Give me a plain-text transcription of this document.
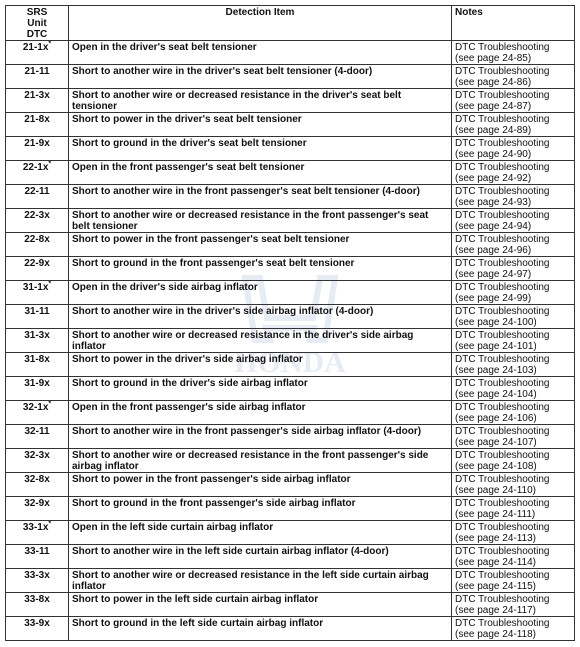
HONDA
SRS
Unit
DTC	Detection Item	Notes
21-1x*	Open in the driver's seat belt tensioner	DTC Troubleshooting
(see page 24-85)

21-11	Short to another wire in the driver's seat belt tensioner (4-door)	DTC Troubleshooting
(see page 24-86)

21-3x	Short to another wire or decreased resistance in the driver's seat belt tensioner	DTC Troubleshooting
(see page 24-87)

21-8x	Short to power in the driver's seat belt tensioner	DTC Troubleshooting
(see page 24-89)

21-9x	Short to ground in the driver's seat belt tensioner	DTC Troubleshooting
(see page 24-90)

22-1x*	Open in the front passenger's seat belt tensioner	DTC Troubleshooting
(see page 24-92)

22-11	Short to another wire in the front passenger's seat belt tensioner (4-door)	DTC Troubleshooting
(see page 24-93)

22-3x	Short to another wire or decreased resistance in the front passenger's seat belt tensioner	DTC Troubleshooting
(see page 24-94)

22-8x	Short to power in the front passenger's seat belt tensioner	DTC Troubleshooting
(see page 24-96)

22-9x	Short to ground in the front passenger's seat belt tensioner	DTC Troubleshooting
(see page 24-97)

31-1x*	Open in the driver's side airbag inflator	DTC Troubleshooting
(see page 24-99)

31-11	Short to another wire in the driver's side airbag inflator (4-door)	DTC Troubleshooting
(see page 24-100)

31-3x	Short to another wire or decreased resistance in the driver's side airbag inflator	DTC Troubleshooting
(see page 24-101)

31-8x	Short to power in the driver's side airbag inflator	DTC Troubleshooting
(see page 24-103)

31-9x	Short to ground in the driver's side airbag inflator	DTC Troubleshooting
(see page 24-104)

32-1x*	Open in the front passenger's side airbag inflator	DTC Troubleshooting
(see page 24-106)

32-11	Short to another wire in the front passenger's side airbag inflator (4-door)	DTC Troubleshooting
(see page 24-107)

32-3x	Short to another wire or decreased resistance in the front passenger's side airbag inflator	DTC Troubleshooting
(see page 24-108)

32-8x	Short to power in the front passenger's side airbag inflator	DTC Troubleshooting
(see page 24-110)

32-9x	Short to ground in the front passenger's side airbag inflator	DTC Troubleshooting
(see page 24-111)

33-1x*	Open in the left side curtain airbag inflator	DTC Troubleshooting
(see page 24-113)

33-11	Short to another wire in the left side curtain airbag inflator (4-door)	DTC Troubleshooting
(see page 24-114)

33-3x	Short to another wire or decreased resistance in the left side curtain airbag inflator	DTC Troubleshooting
(see page 24-115)

33-8x	Short to power in the left side curtain airbag inflator	DTC Troubleshooting
(see page 24-117)

33-9x	Short to ground in the left side curtain airbag inflator	DTC Troubleshooting
(see page 24-118)
